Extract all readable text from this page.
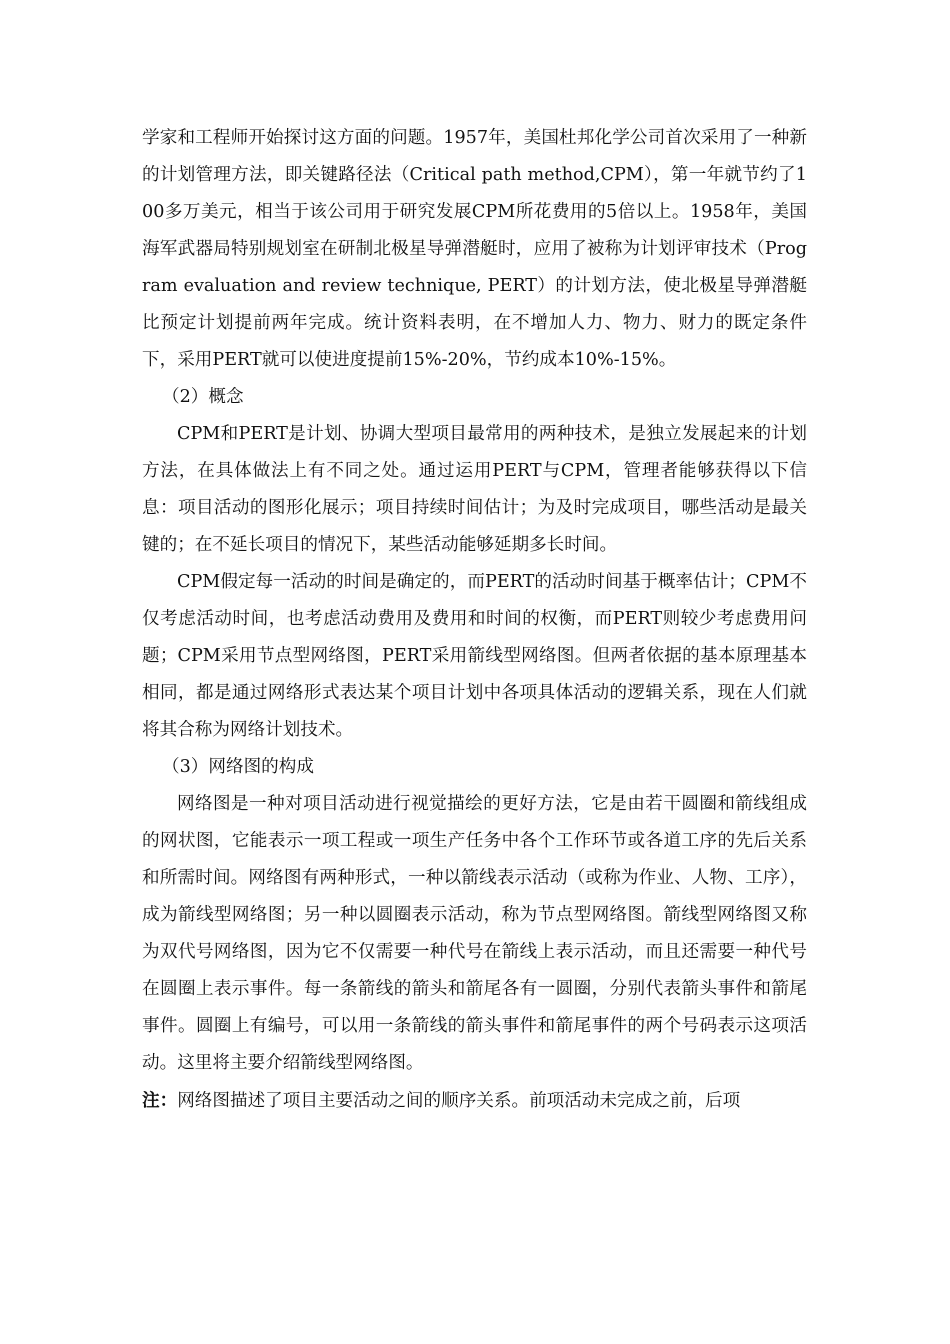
学家和工程师开始探讨这方面的问题。1957年，美国杜邦化学公司首次采用了一种新的计划管理方法，即关键路径法（Critical path method,CPM），第一年就节约了100多万美元，相当于该公司用于研究发展CPM所花费用的5倍以上。1958年，美国海军武器局特别规划室在研制北极星导弹潜艇时，应用了被称为计划评审技术（Program evaluation and review technique, PERT）的计划方法，使北极星导弹潜艇比预定计划提前两年完成。统计资料表明，在不增加人力、物力、财力的既定条件下，采用PERT就可以使进度提前15%-20%，节约成本10%-15%。

（2）概念

CPM和PERT是计划、协调大型项目最常用的两种技术，是独立发展起来的计划方法，在具体做法上有不同之处。通过运用PERT与CPM，管理者能够获得以下信息：项目活动的图形化展示；项目持续时间估计；为及时完成项目，哪些活动是最关键的；在不延长项目的情况下，某些活动能够延期多长时间。

CPM假定每一活动的时间是确定的，而PERT的活动时间基于概率估计；CPM不仅考虑活动时间，也考虑活动费用及费用和时间的权衡，而PERT则较少考虑费用问题；CPM采用节点型网络图，PERT采用箭线型网络图。但两者依据的基本原理基本相同，都是通过网络形式表达某个项目计划中各项具体活动的逻辑关系，现在人们就将其合称为网络计划技术。

（3）网络图的构成

网络图是一种对项目活动进行视觉描绘的更好方法，它是由若干圆圈和箭线组成的网状图，它能表示一项工程或一项生产任务中各个工作环节或各道工序的先后关系和所需时间。网络图有两种形式，一种以箭线表示活动（或称为作业、人物、工序），成为箭线型网络图；另一种以圆圈表示活动，称为节点型网络图。箭线型网络图又称为双代号网络图，因为它不仅需要一种代号在箭线上表示活动，而且还需要一种代号在圆圈上表示事件。每一条箭线的箭头和箭尾各有一圆圈，分别代表箭头事件和箭尾事件。圆圈上有编号，可以用一条箭线的箭头事件和箭尾事件的两个号码表示这项活动。这里将主要介绍箭线型网络图。

注：网络图描述了项目主要活动之间的顺序关系。前项活动未完成之前，后项
